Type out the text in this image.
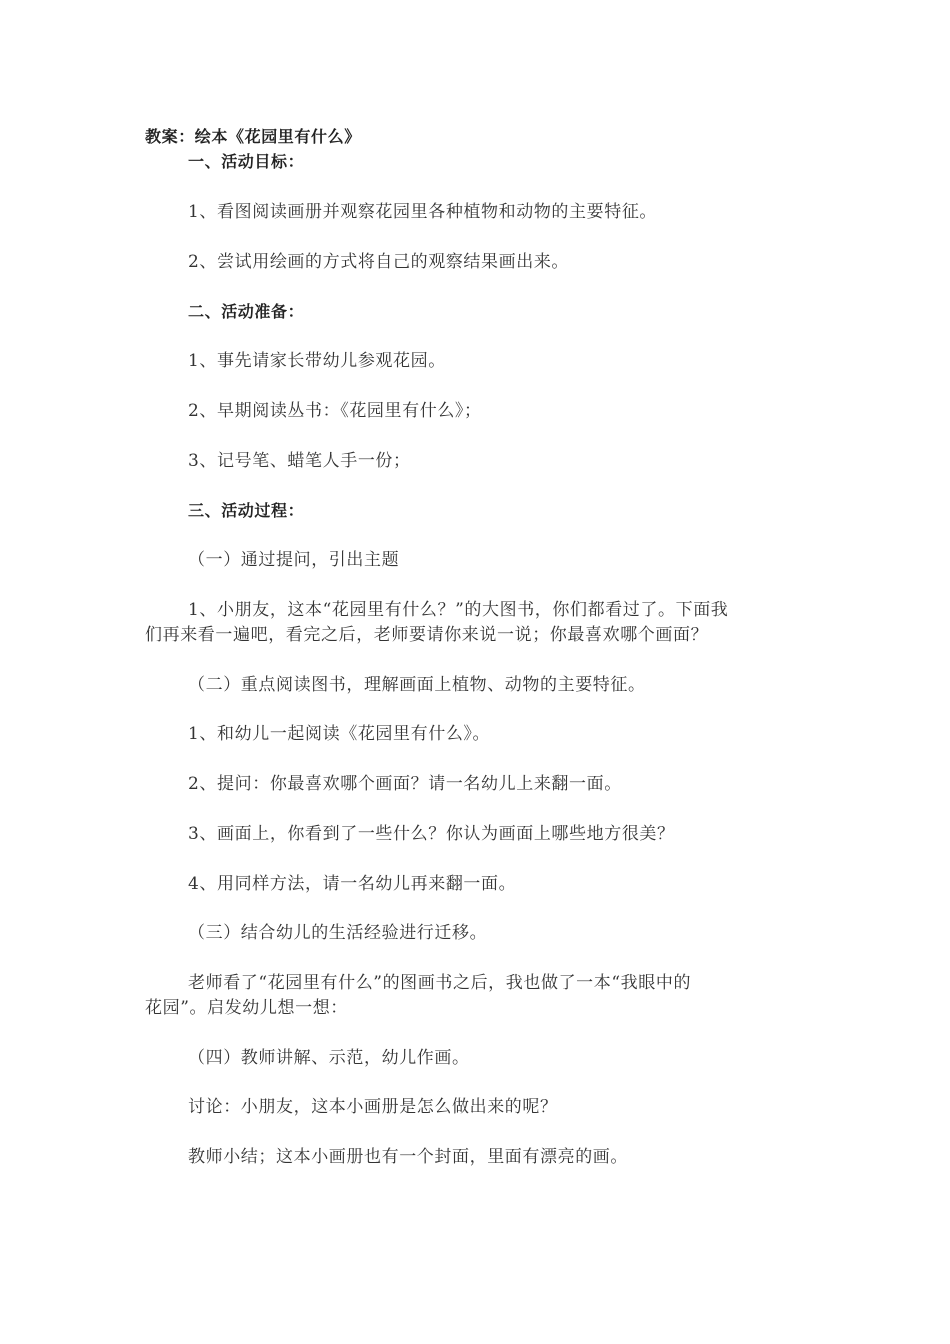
教案：绘本《花园里有什么》
一、活动目标：
1、看图阅读画册并观察花园里各种植物和动物的主要特征。
2、尝试用绘画的方式将自己的观察结果画出来。
二、活动准备：
1、事先请家长带幼儿参观花园。
2、早期阅读丛书：《花园里有什么》；
3、记号笔、蜡笔人手一份；
三、活动过程：
（一）通过提问，引出主题
1、小朋友，这本“花园里有什么？”的大图书，你们都看过了。下面我
们再来看一遍吧，看完之后，老师要请你来说一说；你最喜欢哪个画面？
（二）重点阅读图书，理解画面上植物、动物的主要特征。
1、和幼儿一起阅读《花园里有什么》。
2、提问：你最喜欢哪个画面？请一名幼儿上来翻一面。
3、画面上，你看到了一些什么？你认为画面上哪些地方很美？
4、用同样方法，请一名幼儿再来翻一面。
（三）结合幼儿的生活经验进行迁移。
老师看了“花园里有什么”的图画书之后，我也做了一本“我眼中的
花园”。启发幼儿想一想：
（四）教师讲解、示范，幼儿作画。
讨论：小朋友，这本小画册是怎么做出来的呢？
教师小结；这本小画册也有一个封面，里面有漂亮的画。
